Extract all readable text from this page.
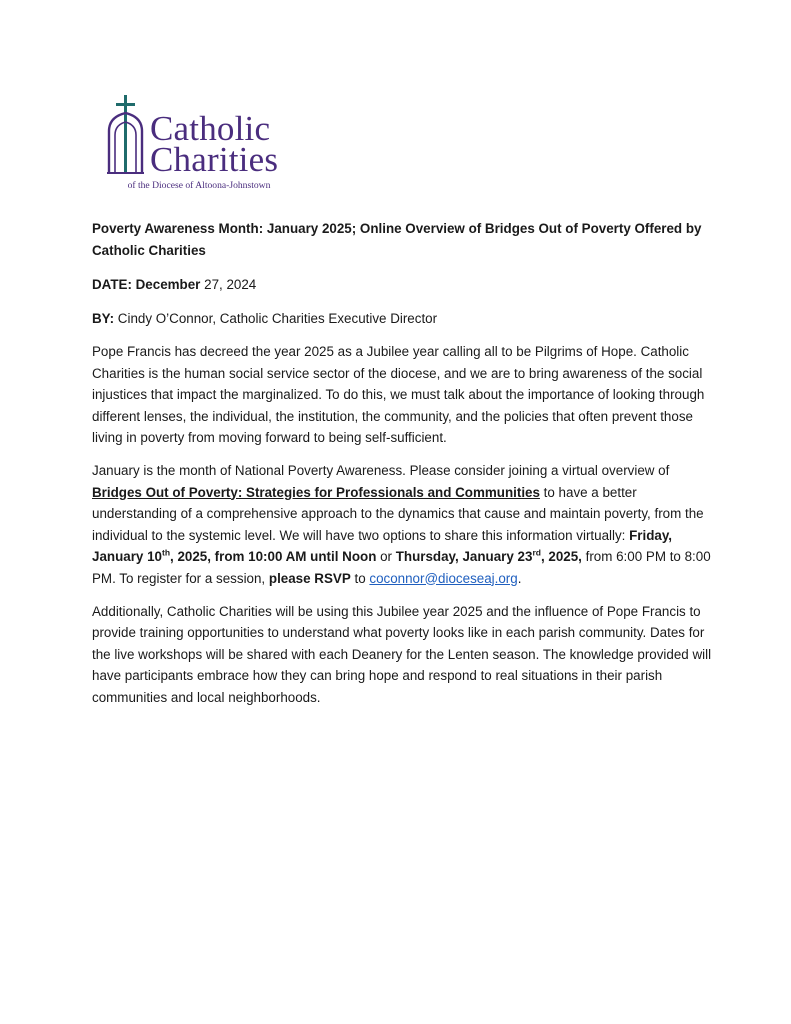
Catholic
Charities
of the Diocese of Altoona-Johnstown
Poverty Awareness Month: January 2025; Online Overview of Bridges Out of Poverty Offered by Catholic Charities
DATE: December 27, 2024
BY: Cindy O’Connor, Catholic Charities Executive Director

Pope Francis has decreed the year 2025 as a Jubilee year calling all to be Pilgrims of Hope. Catholic Charities is the human social service sector of the diocese, and we are to bring awareness of the social injustices that impact the marginalized. To do this, we must talk about the importance of looking through different lenses, the individual, the institution, the community, and the policies that often prevent those living in poverty from moving forward to being self-sufficient.

January is the month of National Poverty Awareness. Please consider joining a virtual overview of Bridges Out of Poverty: Strategies for Professionals and Communities to have a better understanding of a comprehensive approach to the dynamics that cause and maintain poverty, from the individual to the systemic level. We will have two options to share this information virtually: Friday, January 10th, 2025, from 10:00 AM until Noon or Thursday, January 23rd, 2025, from 6:00 PM to 8:00 PM. To register for a session, please RSVP to coconnor@dioceseaj.org.

Additionally, Catholic Charities will be using this Jubilee year 2025 and the influence of Pope Francis to provide training opportunities to understand what poverty looks like in each parish community. Dates for the live workshops will be shared with each Deanery for the Lenten season. The knowledge provided will have participants embrace how they can bring hope and respond to real situations in their parish communities and local neighborhoods.
